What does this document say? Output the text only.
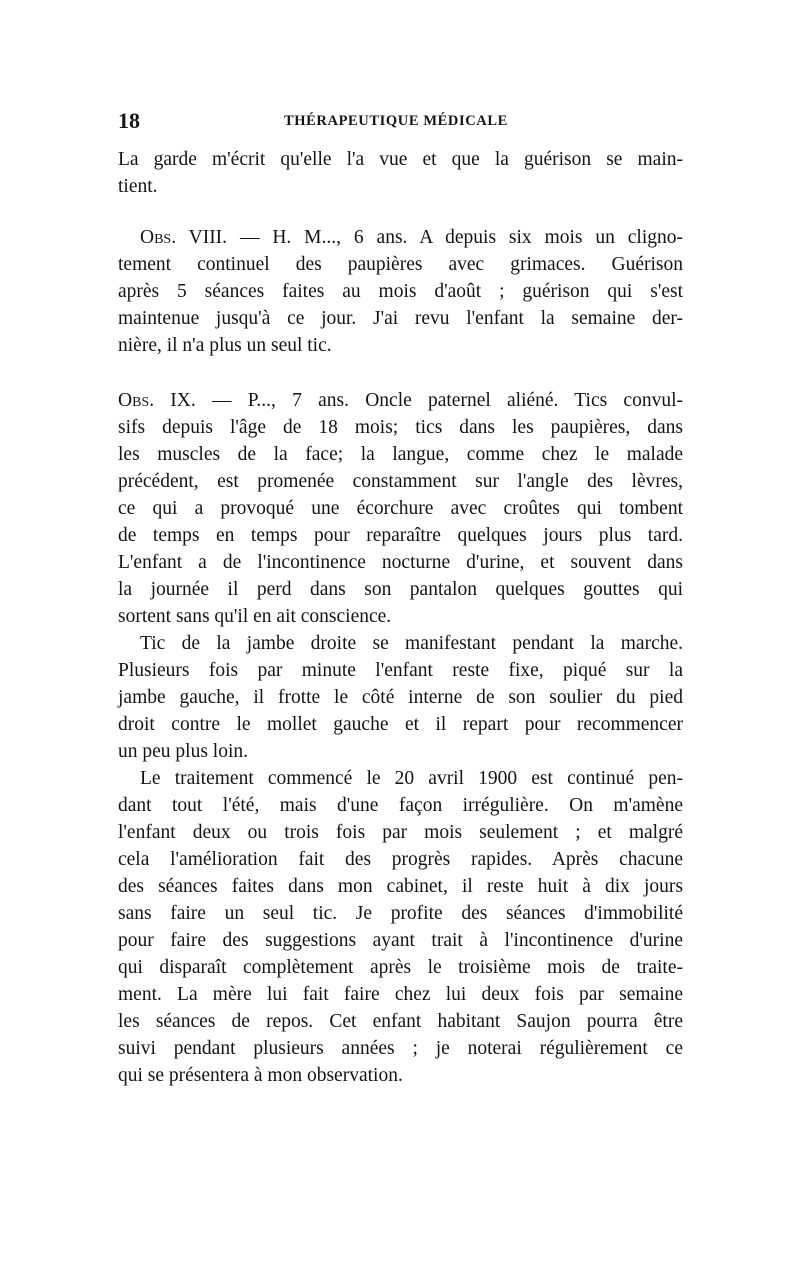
18	THÉRAPEUTIQUE MÉDICALE

La garde m'écrit qu'elle l'a vue et que la guérison se main-
tient.

Obs. VIII. — H. M..., 6 ans. A depuis six mois un cligno-
tement continuel des paupières avec grimaces. Guérison
après 5 séances faites au mois d'août ; guérison qui s'est
maintenue jusqu'à ce jour. J'ai revu l'enfant la semaine der-
nière, il n'a plus un seul tic.

Obs. IX. — P..., 7 ans. Oncle paternel aliéné. Tics convul-
sifs depuis l'âge de 18 mois; tics dans les paupières, dans
les muscles de la face; la langue, comme chez le malade
précédent, est promenée constamment sur l'angle des lèvres,
ce qui a provoqué une écorchure avec croûtes qui tombent
de temps en temps pour reparaître quelques jours plus tard.
L'enfant a de l'incontinence nocturne d'urine, et souvent dans
la journée il perd dans son pantalon quelques gouttes qui
sortent sans qu'il en ait conscience.

Tic de la jambe droite se manifestant pendant la marche.
Plusieurs fois par minute l'enfant reste fixe, piqué sur la
jambe gauche, il frotte le côté interne de son soulier du pied
droit contre le mollet gauche et il repart pour recommencer
un peu plus loin.

Le traitement commencé le 20 avril 1900 est continué pen-
dant tout l'été, mais d'une façon irrégulière. On m'amène
l'enfant deux ou trois fois par mois seulement ; et malgré
cela l'amélioration fait des progrès rapides. Après chacune
des séances faites dans mon cabinet, il reste huit à dix jours
sans faire un seul tic. Je profite des séances d'immobilité
pour faire des suggestions ayant trait à l'incontinence d'urine
qui disparaît complètement après le troisième mois de traite-
ment. La mère lui fait faire chez lui deux fois par semaine
les séances de repos. Cet enfant habitant Saujon pourra être
suivi pendant plusieurs années ; je noterai régulièrement ce
qui se présentera à mon observation.
